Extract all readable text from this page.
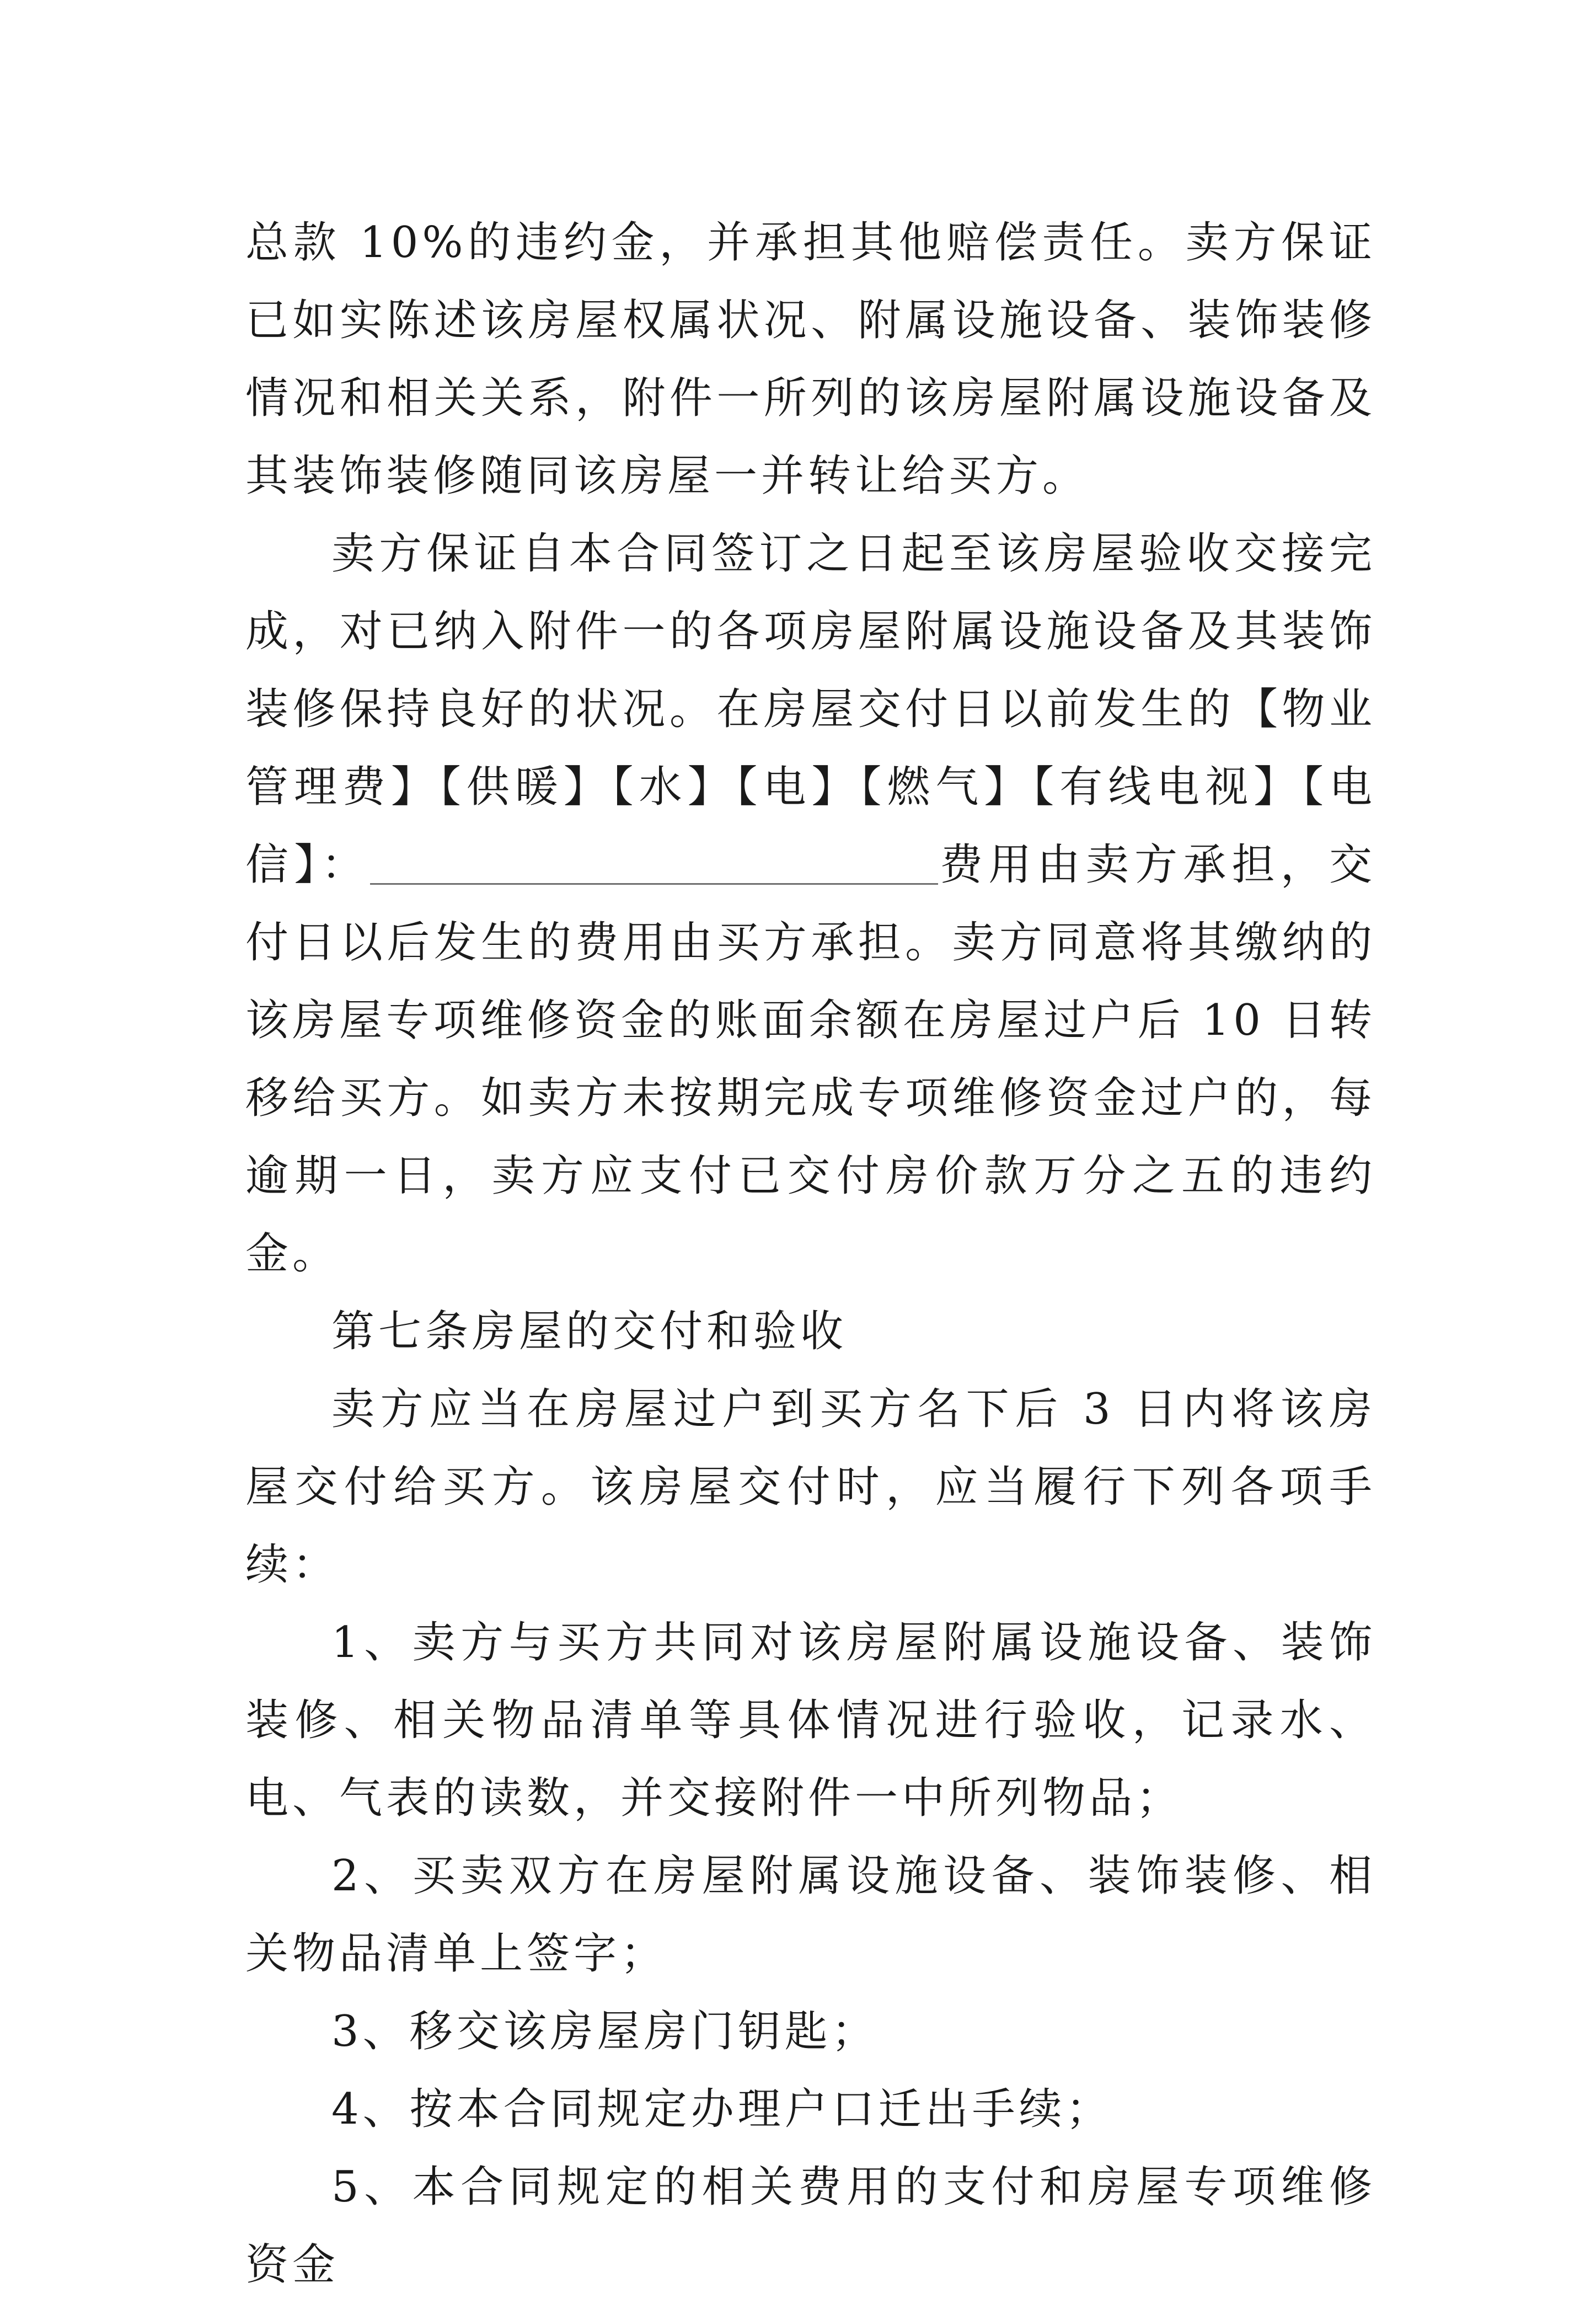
总款 10%的违约金，并承担其他赔偿责任。卖方保证已如实陈述该房屋权属状况、附属设施设备、装饰装修情况和相关关系，附件一所列的该房屋附属设施设备及其装饰装修随同该房屋一并转让给买方。

卖方保证自本合同签订之日起至该房屋验收交接完成，对已纳入附件一的各项房屋附属设施设备及其装饰装修保持良好的状况。在房屋交付日以前发生的【物业管理费】【供暖】【水】【电】【燃气】【有线电视】【电信】：	费用由卖方承担，交付日以后发生的费用由买方承担。卖方同意将其缴纳的该房屋专项维修资金的账面余额在房屋过户后 10 日转移给买方。如卖方未按期完成专项维修资金过户的，每逾期一日，卖方应支付已交付房价款万分之五的违约金。

第七条房屋的交付和验收

卖方应当在房屋过户到买方名下后 3 日内将该房屋交付给买方。该房屋交付时，应当履行下列各项手续：

1、卖方与买方共同对该房屋附属设施设备、装饰装修、相关物品清单等具体情况进行验收，记录水、电、气表的读数，并交接附件一中所列物品；

2、买卖双方在房屋附属设施设备、装饰装修、相关物品清单上签字；

3、移交该房屋房门钥匙；

4、按本合同规定办理户口迁出手续；

5、本合同规定的相关费用的支付和房屋专项维修资金
